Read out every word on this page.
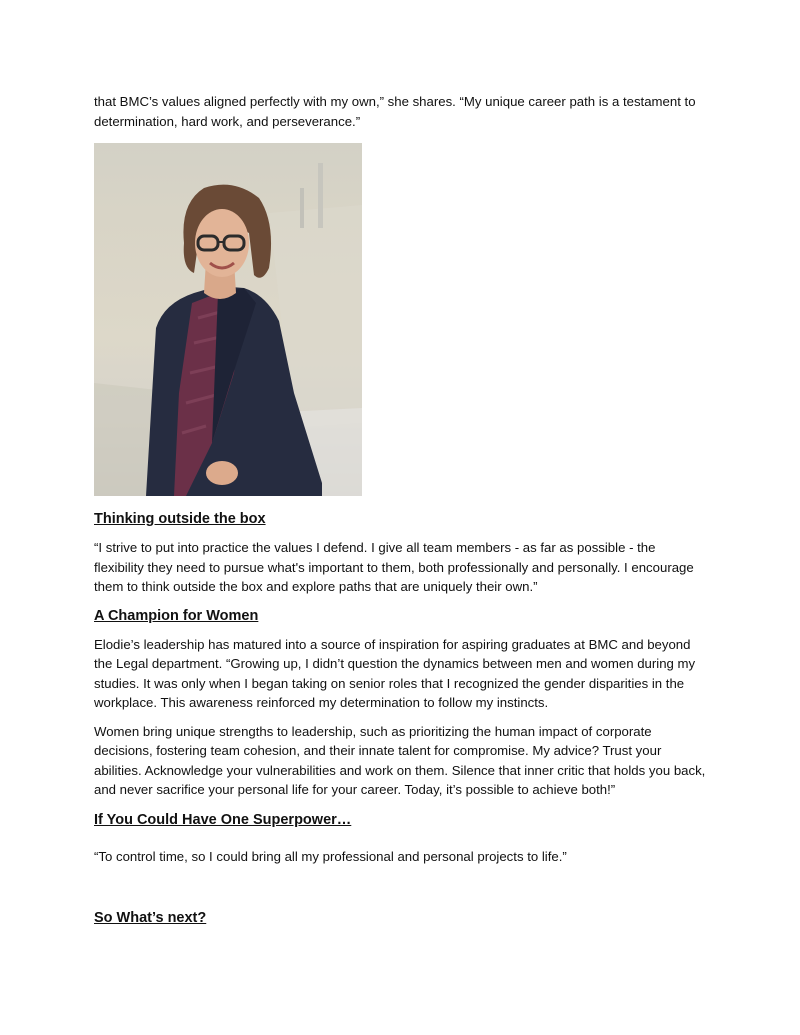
that BMC’s values aligned perfectly with my own,” she shares. “My unique career path is a testament to determination, hard work, and perseverance.”

Thinking outside the box

“I strive to put into practice the values I defend. I give all team members - as far as possible - the flexibility they need to pursue what's important to them, both professionally and personally. I encourage them to think outside the box and explore paths that are uniquely their own.”

A Champion for Women

Elodie’s leadership has matured into a source of inspiration for aspiring graduates at BMC and beyond the Legal department. “Growing up, I didn’t question the dynamics between men and women during my studies. It was only when I began taking on senior roles that I recognized the gender disparities in the workplace. This awareness reinforced my determination to follow my instincts.

Women bring unique strengths to leadership, such as prioritizing the human impact of corporate decisions, fostering team cohesion, and their innate talent for compromise. My advice? Trust your abilities. Acknowledge your vulnerabilities and work on them. Silence that inner critic that holds you back, and never sacrifice your personal life for your career. Today, it’s possible to achieve both!”

If You Could Have One Superpower…

“To control time, so I could bring all my professional and personal projects to life.”

So What’s next?
